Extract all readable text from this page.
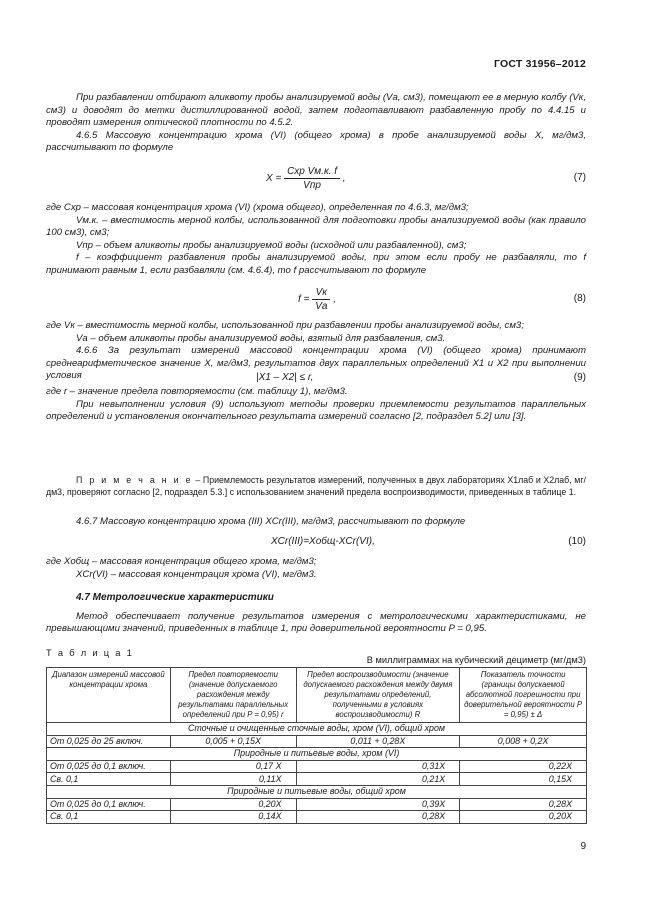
ГОСТ 31956–2012

При разбавлении отбирают аликвоту пробы анализируемой воды (Vа, см3), помещают ее в мерную колбу (Vк, см3) и доводят до метки дистиллированной водой, затем подготавливают разбавленную пробу по 4.4.15 и проводят измерения оптической плотности по 4.5.2.

4.6.5 Массовую концентрацию хрома (VI) (общего хрома) в пробе анализируемой воды X, мг/дм3, рассчитывают по формуле

$X = \frac{\text{Cхр Vм.к. f}}{\text{Vпр}}$ ,	(7)

где Cхр – массовая концентрация хрома (VI) (хрома общего), определенная по 4.6.3, мг/дм3;

Vм.к. – вместимость мерной колбы, использованной для подготовки пробы анализируемой воды (как правило 100 см3), см3;

Vпр – объем аликвоты пробы анализируемой воды (исходной или разбавленной), см3;

f – коэффициент разбавления пробы анализируемой воды, при этом если пробу не разбавляли, то f принимают равным 1, если разбавляли (см. 4.6.4), то f рассчитывают по формуле

$f = \frac{Vк}{Vа}$ ,	(8)

где Vк – вместимость мерной колбы, использованной при разбавлении пробы анализируемой воды, см3;

Vа – объем аликвоты пробы анализируемой воды, взятый для разбавления, см3.

4.6.6 За результат измерений массовой концентрации хрома (VI) (общего хрома) принимают среднеарифметическое значение X, мг/дм3, результатов двух параллельных определений X1 и X2 при выполнении условия	|X1 – X2| ≤ r,	(9)

где r – значение предела повторяемости (см. таблицу 1), мг/дм3.

При невыполнении условия (9) используют методы проверки приемлемости результатов параллельных определений и установления окончательного результата измерений согласно [2, подраздел 5.2] или [3].

П р и м е ч а н и е – Приемлемость результатов измерений, полученных в двух лабораториях X1лаб и X2лаб, мг/дм3, проверяют согласно [2, подраздел 5.3.] с использованием значений предела воспроизводимости, приведенных в таблице 1.

4.6.7 Массовую концентрацию хрома (III) XCr(III), мг/дм3, рассчитывают по формуле

XCr(III)=Xобщ-XCr(VI),	(10)

где Xобщ – массовая концентрация общего хрома, мг/дм3;

XCr(VI) – массовая концентрация хрома (VI), мг/дм3.

4.7 Метрологические характеристики

Метод обеспечивает получение результатов измерения с метрологическими характеристиками, не превышающими значений, приведенных в таблице 1, при доверительной вероятности P = 0,95.

Т а б л и ц а 1
В миллиграммах на кубический дециметр (мг/дм3)
Диапазон измерений массовой концентрации хрома	Предел повторяемости (значение допускаемого расхождения между результатами параллельных определений при P = 0,95) r	Предел воспроизводимости (значение допускаемого расхождения между двумя результатами определений, полученными в условиях воспроизводимости) R	Показатель точности (границы допускаемой абсолютной погрешности при доверительной вероятности P = 0,95) ± Δ
Сточные и очищенные сточные воды, хром (VI), общий хром			
От 0,025 до 25 включ.	0,005 + 0,15X	0,011 + 0,28X	0,008 + 0,2X
Природные и питьевые воды, хром (VI)			
От 0,025 до 0,1 включ.	0,17 X	0,31X	0,22X
Св. 0,1	0,11X	0,21X	0,15X
Природные и питьевые воды, общий хром			
От 0,025 до 0,1 включ.	0,20X	0,39X	0,28X
Св. 0,1	0,14X	0,28X	0,20X
9
